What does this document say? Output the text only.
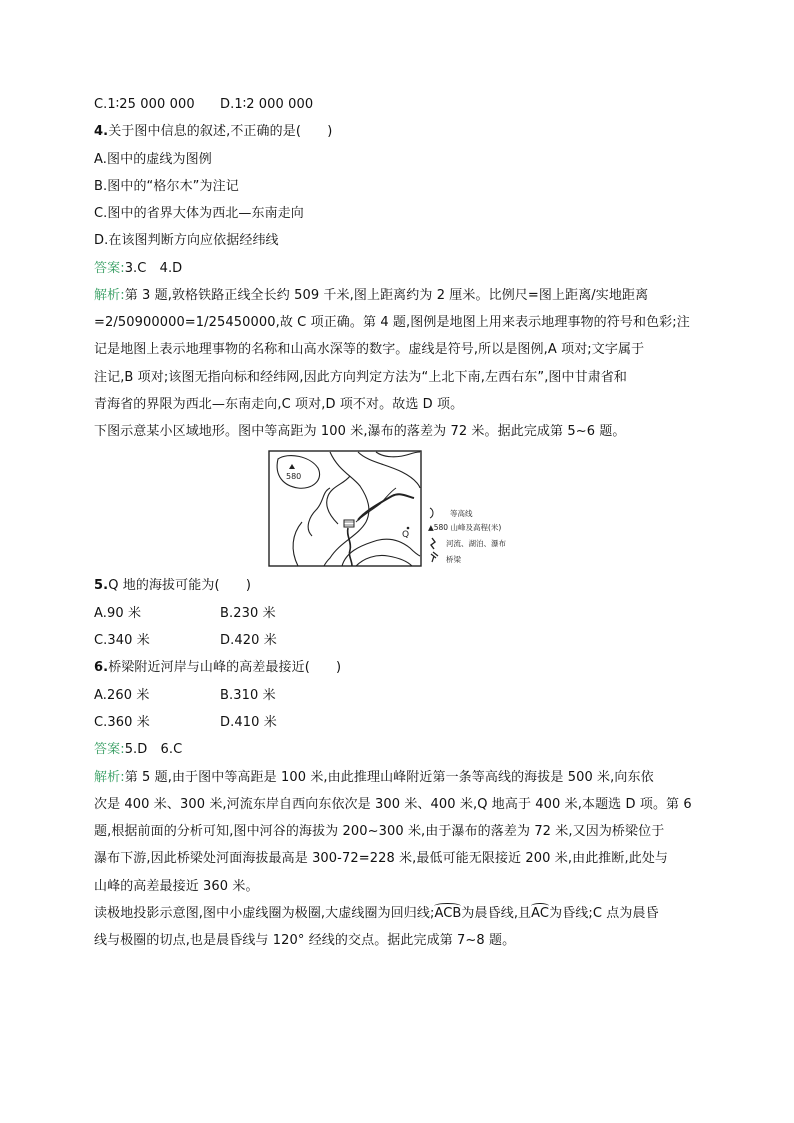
C.1∶25 000 000	D.1∶2 000 000
4.关于图中信息的叙述,不正确的是(　　)
A.图中的虚线为图例
B.图中的“格尔木”为注记
C.图中的省界大体为西北—东南走向
D.在该图判断方向应依据经纬线
答案:3.C　4.D
解析:第 3 题,敦格铁路正线全长约 509 千米,图上距离约为 2 厘米。比例尺=图上距离/实地距离
=2/50900000=1/25450000,故 C 项正确。第 4 题,图例是地图上用来表示地理事物的符号和色彩;注
记是地图上表示地理事物的名称和山高水深等的数字。虚线是符号,所以是图例,A 项对;文字属于
注记,B 项对;该图无指向标和经纬网,因此方向判定方法为“上北下南,左西右东”,图中甘肃省和
青海省的界限为西北—东南走向,C 项对,D 项不对。故选 D 项。
下图示意某小区域地形。图中等高距为 100 米,瀑布的落差为 72 米。据此完成第 5~6 题。
580
Q
等高线
▲580 山峰及高程(米)
河流、湖泊、瀑布
桥梁
5.Q 地的海拔可能为(　　)
A.90 米	B.230 米
C.340 米	D.420 米
6.桥梁附近河岸与山峰的高差最接近(　　)
A.260 米	B.310 米
C.360 米	D.410 米
答案:5.D　6.C
解析:第 5 题,由于图中等高距是 100 米,由此推理山峰附近第一条等高线的海拔是 500 米,向东依
次是 400 米、300 米,河流东岸自西向东依次是 300 米、400 米,Q 地高于 400 米,本题选 D 项。第 6
题,根据前面的分析可知,图中河谷的海拔为 200~300 米,由于瀑布的落差为 72 米,又因为桥梁位于
瀑布下游,因此桥梁处河面海拔最高是 300-72=228 米,最低可能无限接近 200 米,由此推断,此处与
山峰的高差最接近 360 米。
读极地投影示意图,图中小虚线圈为极圈,大虚线圈为回归线;ACB为晨昏线,且AC为昏线;C 点为晨昏
线与极圈的切点,也是晨昏线与 120° 经线的交点。据此完成第 7~8 题。
